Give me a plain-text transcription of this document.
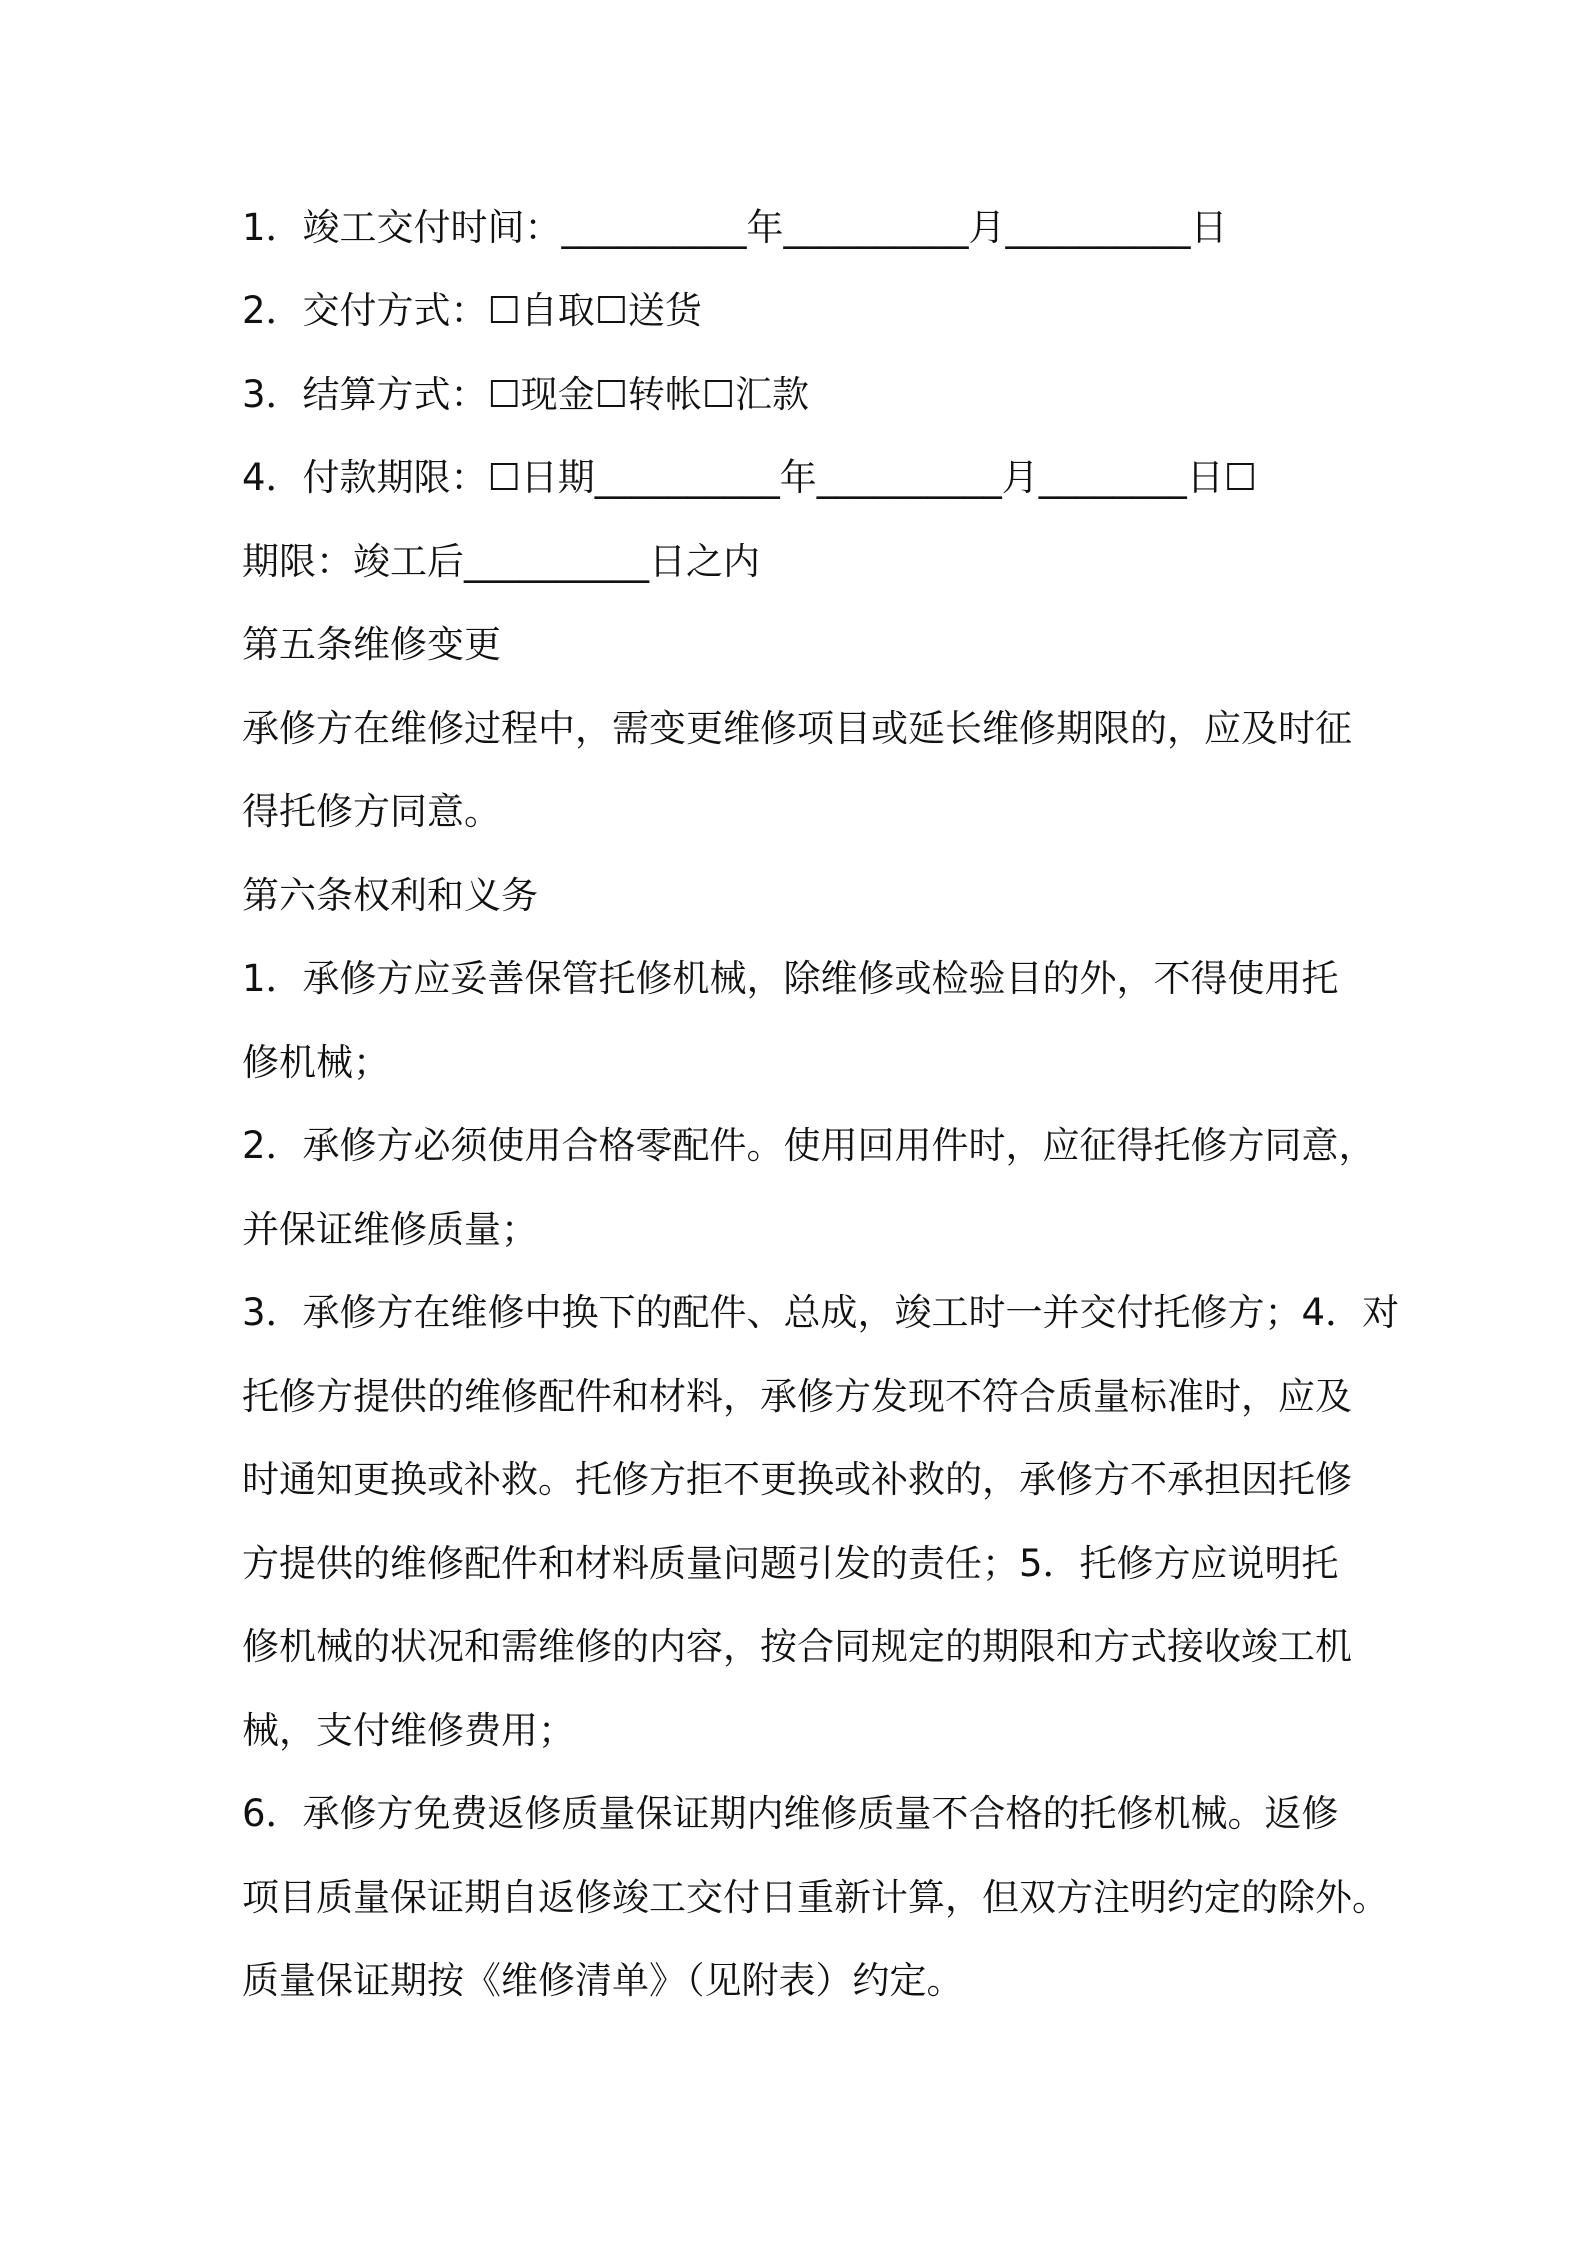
1．竣工交付时间：__________年__________月__________日
2．交付方式：☐自取☐送货
3．结算方式：☐现金☐转帐☐汇款
4．付款期限：☐日期__________年__________月________日☐
期限：竣工后__________日之内
第五条维修变更
承修方在维修过程中，需变更维修项目或延长维修期限的，应及时征
得托修方同意。
第六条权利和义务
1．承修方应妥善保管托修机械，除维修或检验目的外，不得使用托
修机械；
2．承修方必须使用合格零配件。使用回用件时，应征得托修方同意，
并保证维修质量；
3．承修方在维修中换下的配件、总成，竣工时一并交付托修方；4．对
托修方提供的维修配件和材料，承修方发现不符合质量标准时，应及
时通知更换或补救。托修方拒不更换或补救的，承修方不承担因托修
方提供的维修配件和材料质量问题引发的责任；5．托修方应说明托
修机械的状况和需维修的内容，按合同规定的期限和方式接收竣工机
械，支付维修费用；
6．承修方免费返修质量保证期内维修质量不合格的托修机械。返修
项目质量保证期自返修竣工交付日重新计算，但双方注明约定的除外。
质量保证期按《维修清单》（见附表）约定。
